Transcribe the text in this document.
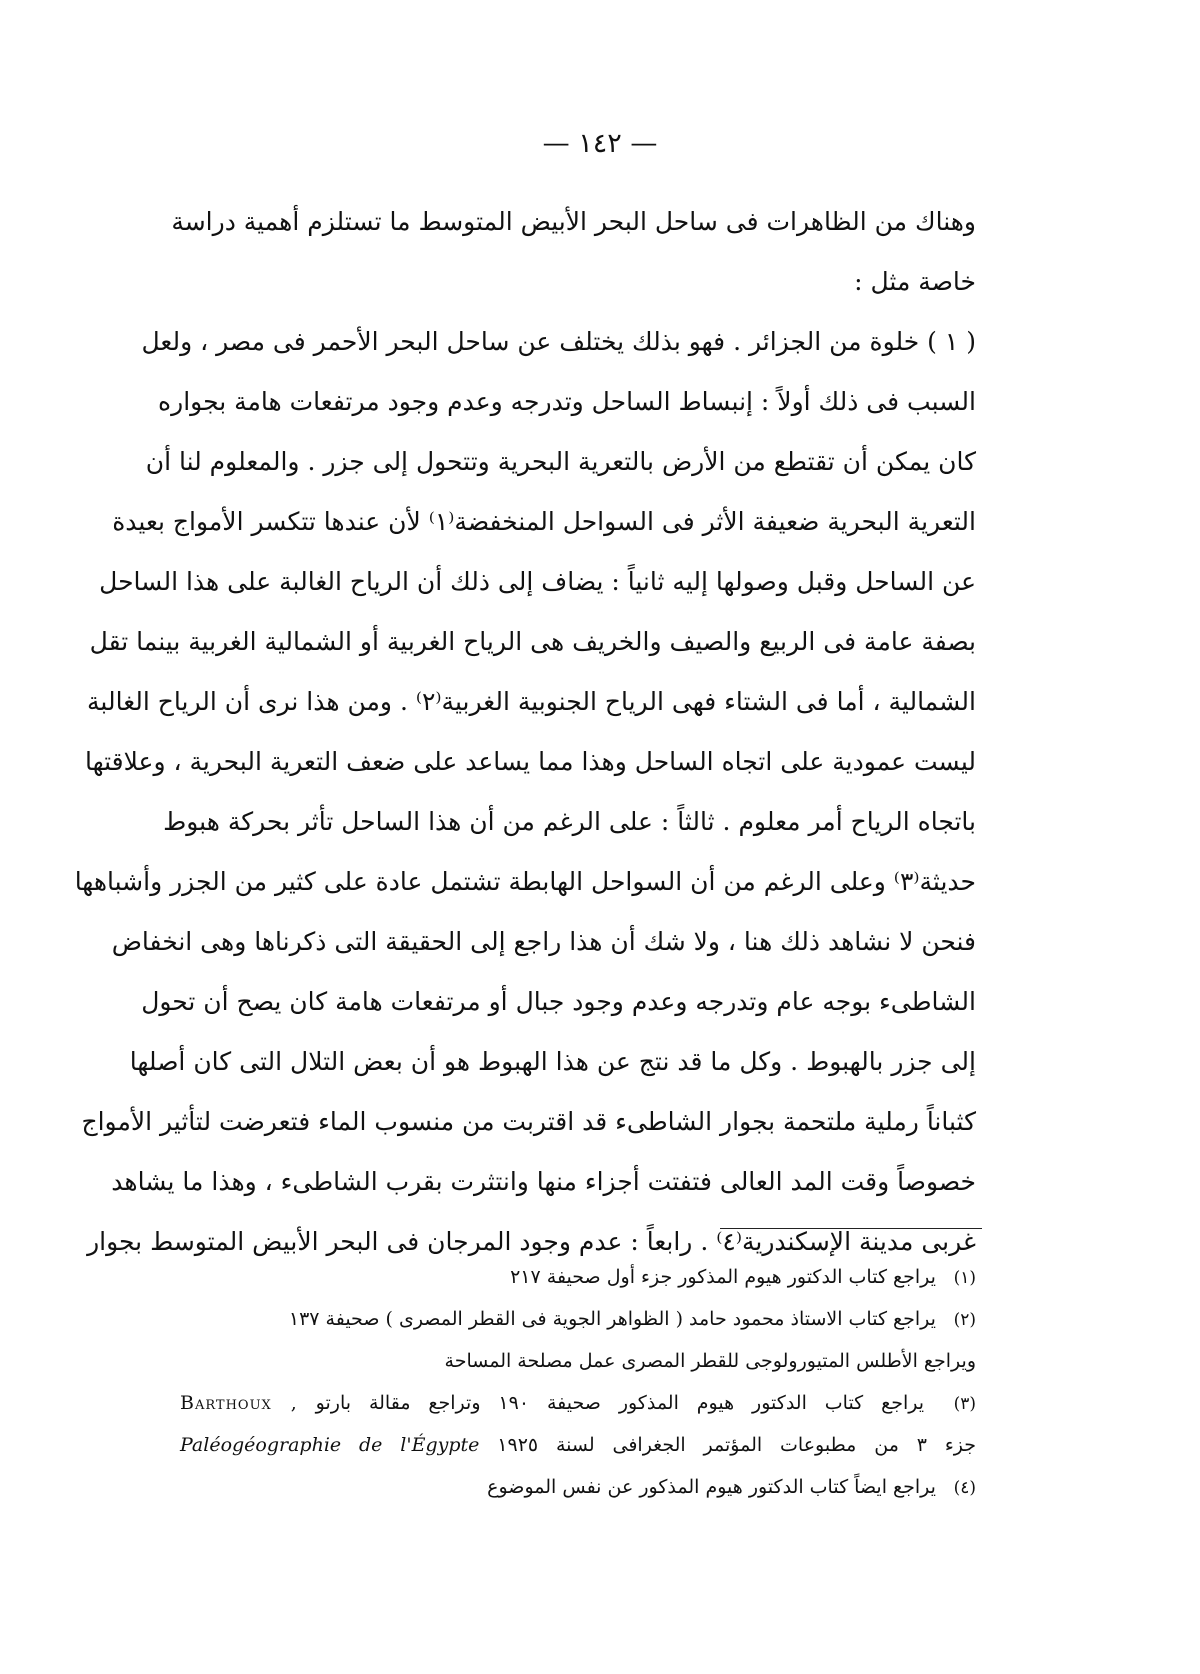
— ١٤٢ —
وهناك من الظاهرات فى ساحل البحر الأبيض المتوسط ما تستلزم أهمية دراسة
خاصة مثل :
( ١ ) خلوة من الجزائر . فهو بذلك يختلف عن ساحل البحر الأحمر فى مصر ، ولعل
السبب فى ذلك أولاً : إنبساط الساحل وتدرجه وعدم وجود مرتفعات هامة بجواره
كان يمكن أن تقتطع من الأرض بالتعرية البحرية وتتحول إلى جزر . والمعلوم لنا أن
التعرية البحرية ضعيفة الأثر فى السواحل المنخفضة⁽١⁾ لأن عندها تتكسر الأمواج بعيدة
عن الساحل وقبل وصولها إليه ثانياً : يضاف إلى ذلك أن الرياح الغالبة على هذا الساحل
بصفة عامة فى الربيع والصيف والخريف هى الرياح الغربية أو الشمالية الغربية بينما تقل
الشمالية ، أما فى الشتاء فهى الرياح الجنوبية الغربية⁽٢⁾ . ومن هذا نرى أن الرياح الغالبة
ليست عمودية على اتجاه الساحل وهذا مما يساعد على ضعف التعرية البحرية ، وعلاقتها
باتجاه الرياح أمر معلوم . ثالثاً : على الرغم من أن هذا الساحل تأثر بحركة هبوط
حديثة⁽٣⁾ وعلى الرغم من أن السواحل الهابطة تشتمل عادة على كثير من الجزر وأشباهها
فنحن لا نشاهد ذلك هنا ، ولا شك أن هذا راجع إلى الحقيقة التى ذكرناها وهى انخفاض
الشاطىء بوجه عام وتدرجه وعدم وجود جبال أو مرتفعات هامة كان يصح أن تحول
إلى جزر بالهبوط . وكل ما قد نتج عن هذا الهبوط هو أن بعض التلال التى كان أصلها
كثباناً رملية ملتحمة بجوار الشاطىء قد اقتربت من منسوب الماء فتعرضت لتأثير الأمواج
خصوصاً وقت المد العالى فتفتت أجزاء منها وانتثرت بقرب الشاطىء ، وهذا ما يشاهد
غربى مدينة الإسكندرية⁽٤⁾ . رابعاً : عدم وجود المرجان فى البحر الأبيض المتوسط بجوار
(١) يراجع كتاب الدكتور هيوم المذكور جزء أول صحيفة ٢١٧
(٢) يراجع كتاب الاستاذ محمود حامد ( الظواهر الجوية فى القطر المصرى ) صحيفة ١٣٧
ويراجع الأطلس المتيورولوجى للقطر المصرى عمل مصلحة المساحة
(٣) يراجع كتاب الدكتور هيوم المذكور صحيفة ١٩٠ وتراجع مقالة بارتو Barthoux ,
جزء ٣ من مطبوعات المؤتمر الجغرافى لسنة ١٩٢٥ Paléogéographie de l'Égypte
(٤) يراجع ايضاً كتاب الدكتور هيوم المذكور عن نفس الموضوع
